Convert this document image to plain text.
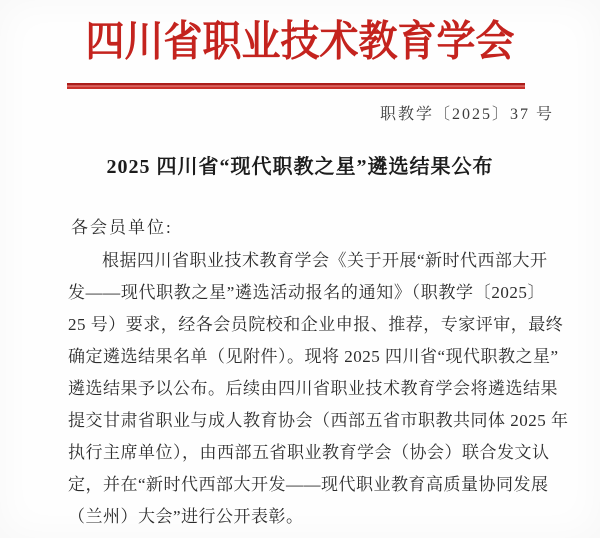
四川省职业技术教育学会
职教学〔2025〕37 号
2025 四川省“现代职教之星”遴选结果公布
各会员单位:
根据四川省职业技术教育学会《关于开展“新时代西部大开
发——现代职教之星”遴选活动报名的通知》（职教学〔2025〕
25 号）要求，经各会员院校和企业申报、推荐，专家评审，最终
确定遴选结果名单（见附件）。现将 2025 四川省“现代职教之星”
遴选结果予以公布。后续由四川省职业技术教育学会将遴选结果
提交甘肃省职业与成人教育协会（西部五省市职教共同体 2025 年
执行主席单位），由西部五省职业教育学会（协会）联合发文认
定，并在“新时代西部大开发——现代职业教育高质量协同发展
（兰州）大会”进行公开表彰。
